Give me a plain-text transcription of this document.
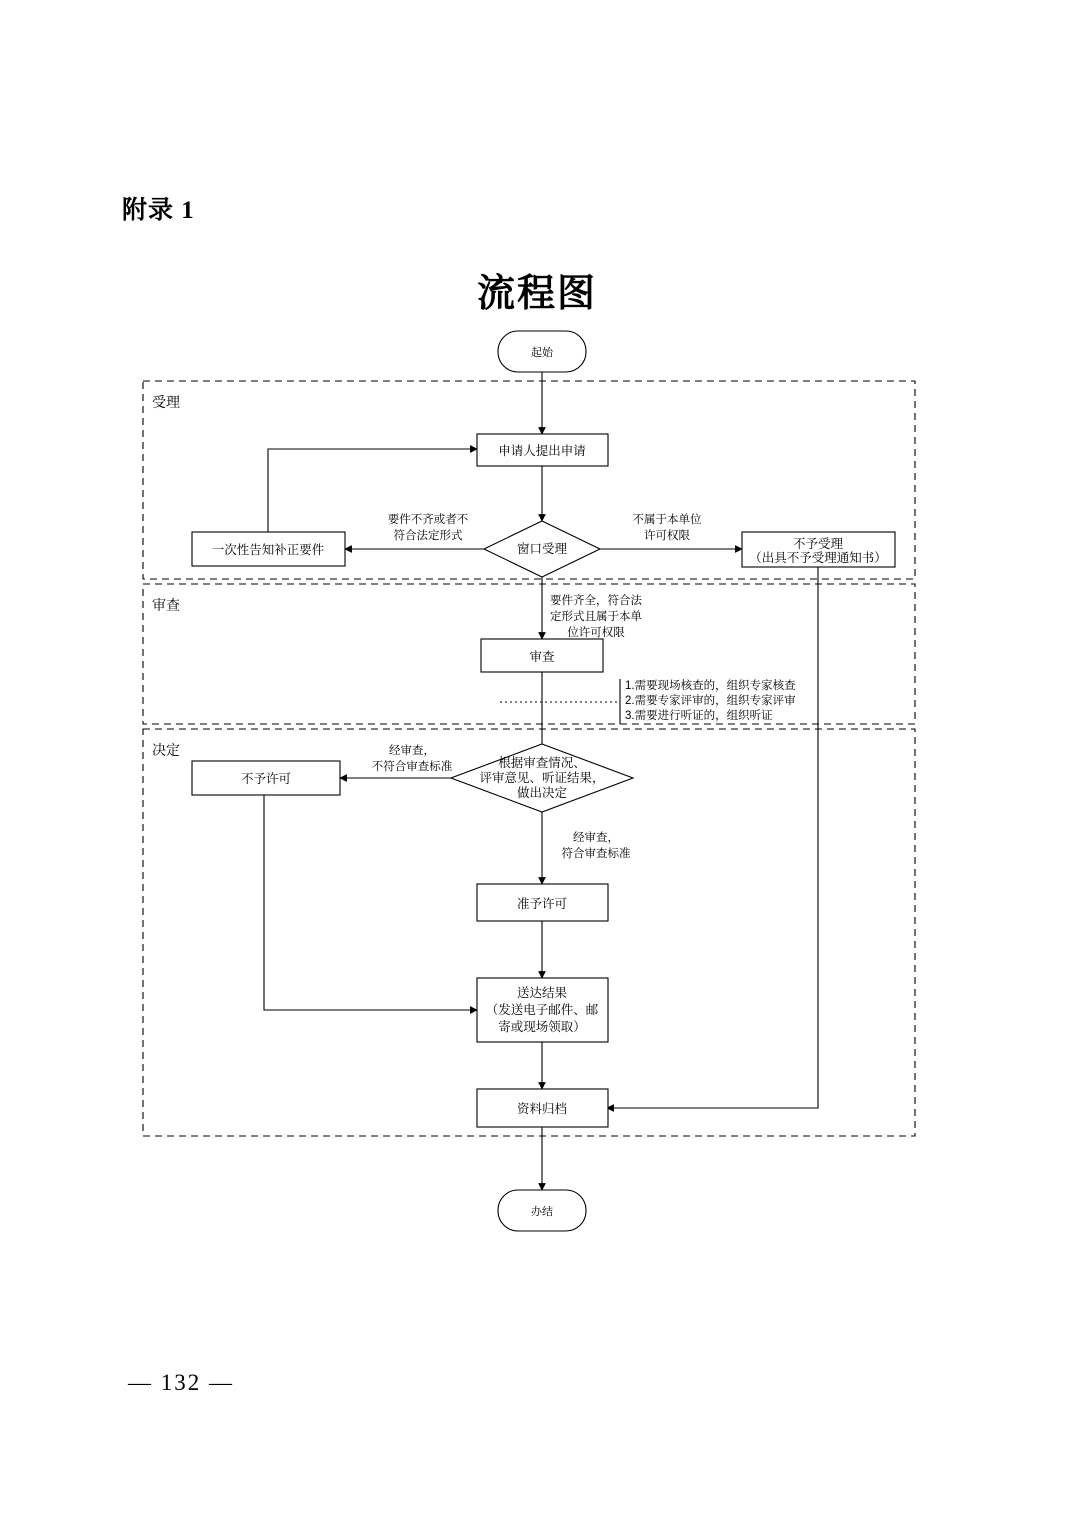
附录 1
流程图
— 132 —
受理
审查
决定
起始
申请人提出申请
窗口受理
一次性告知补正要件	不予受理
（出具不予受理通知书）
审查
根据审查情况、
评审意见、听证结果，
做出决定
不予许可
准予许可
送达结果
（发送电子邮件、邮
寄或现场领取）
资料归档
办结
要件不齐或者不
符合法定形式
不属于本单位
许可权限
要件齐全，符合法
定形式且属于本单
位许可权限
1.需要现场核查的，组织专家核查
2.需要专家评审的，组织专家评审
3.需要进行听证的，组织听证
经审查，
不符合审查标准
经审查，
符合审查标准
